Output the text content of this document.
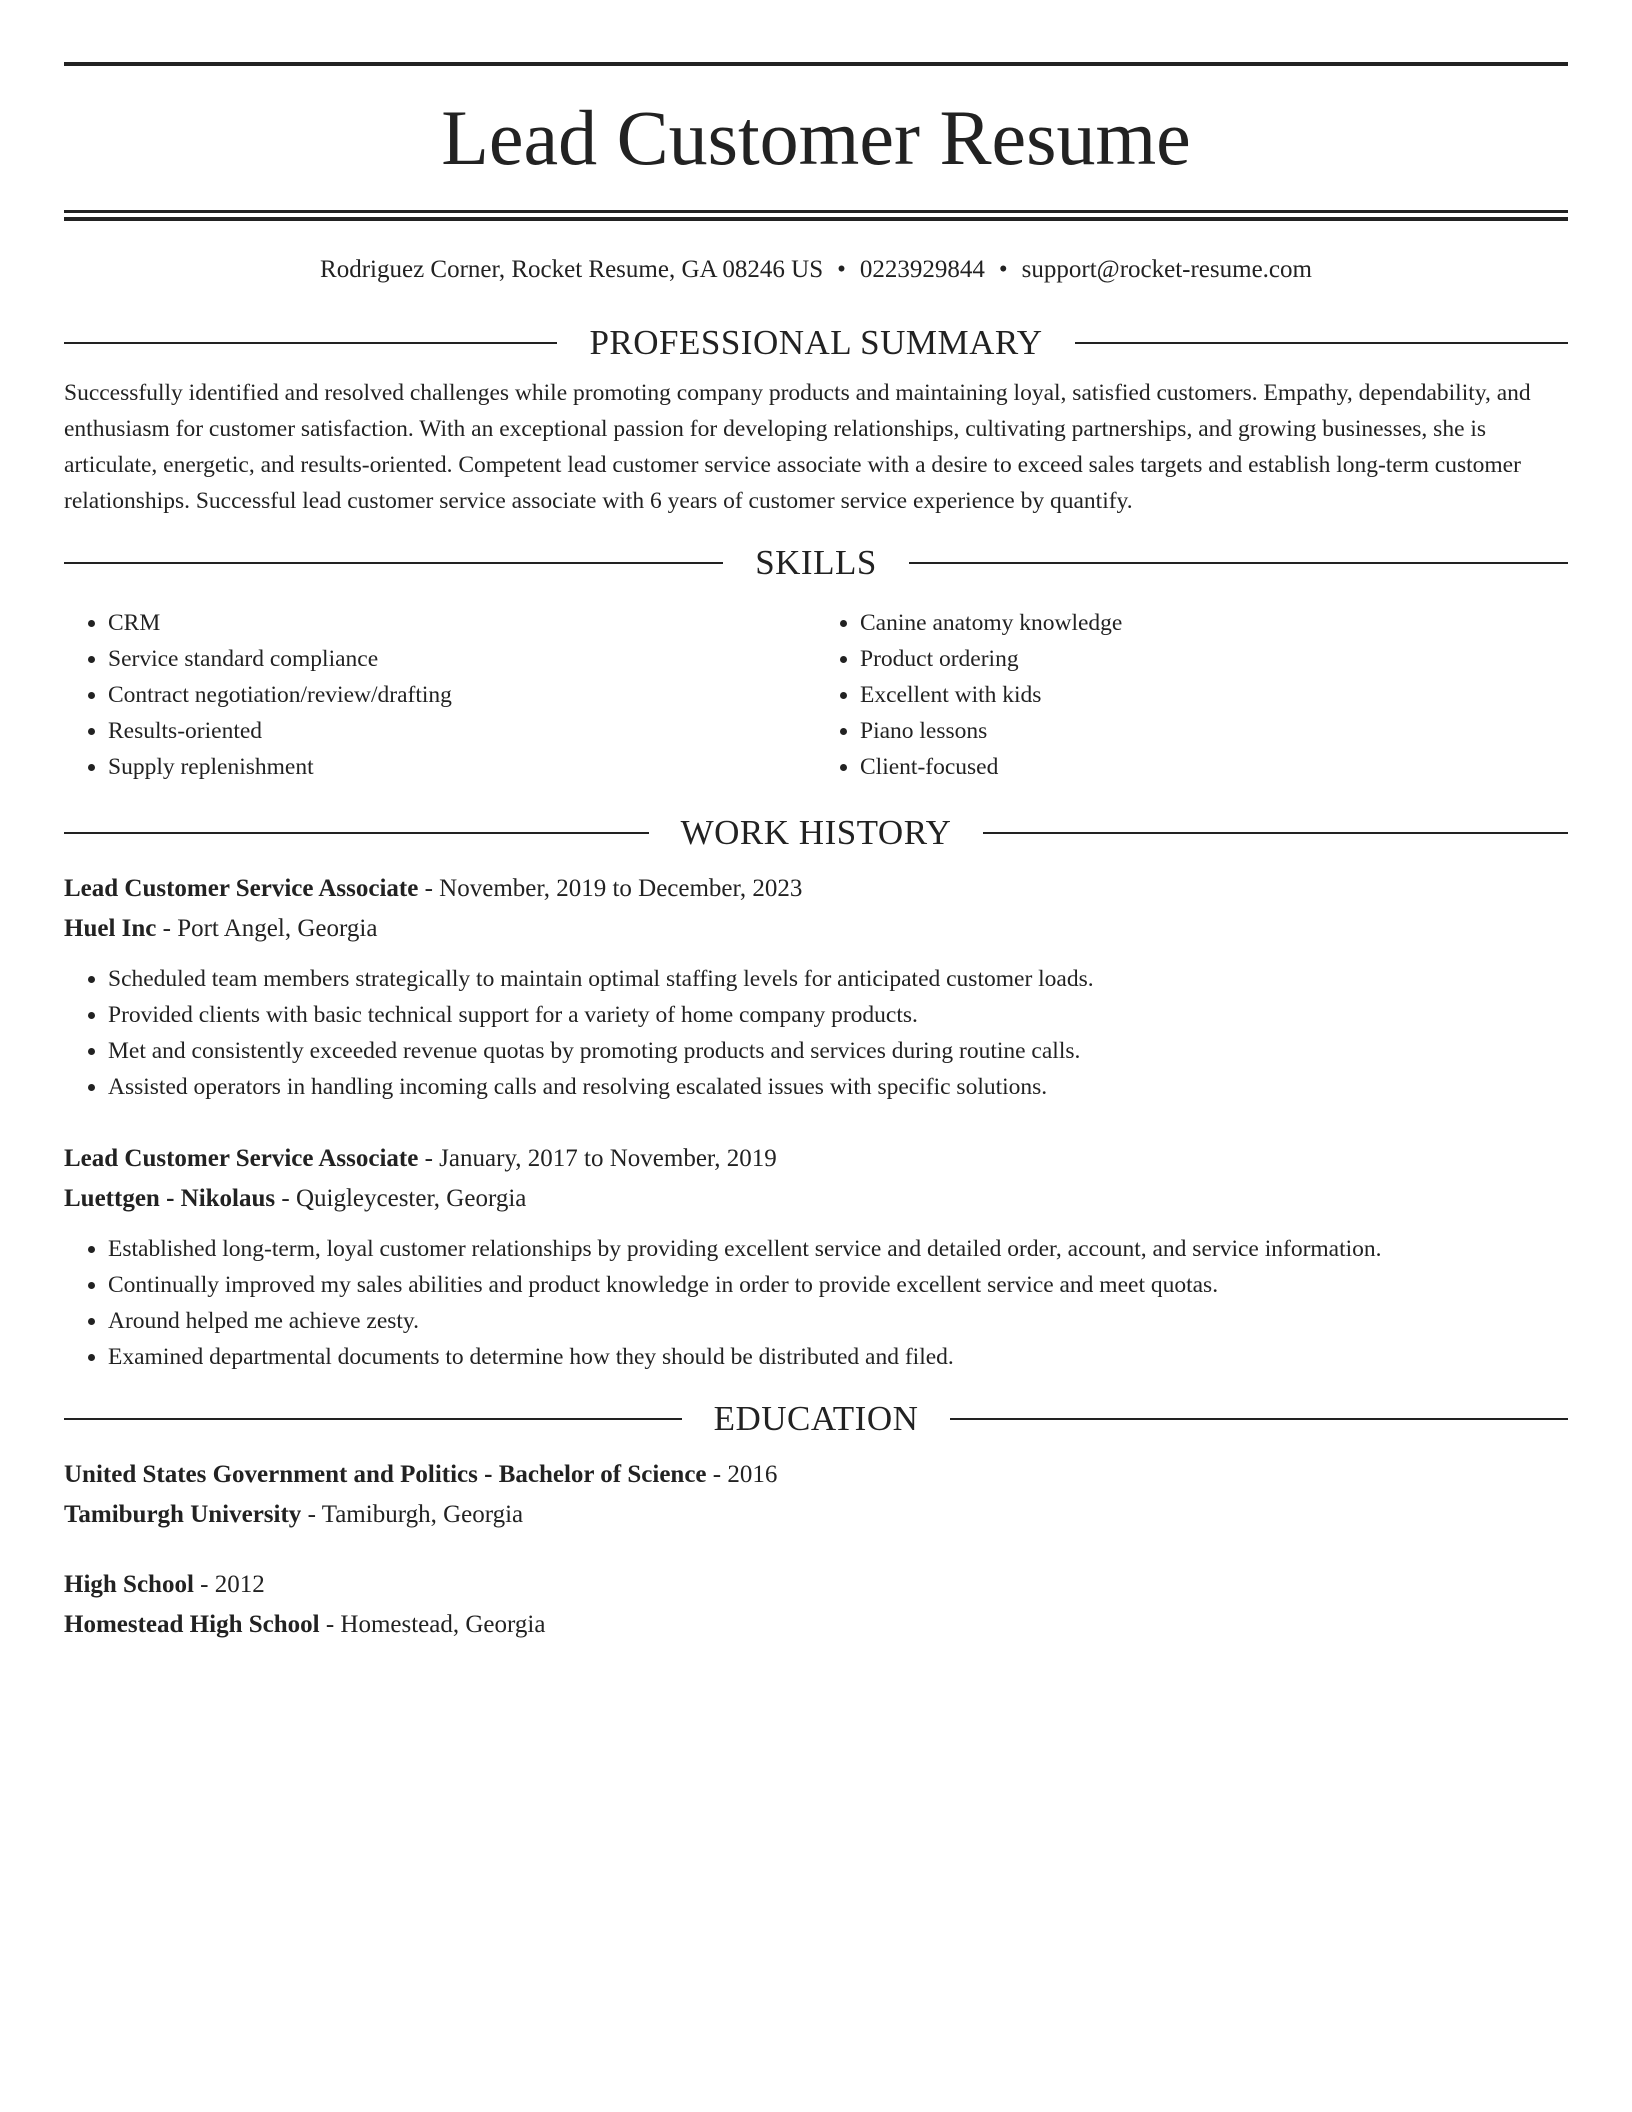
Lead Customer Resume
Rodriguez Corner, Rocket Resume, GA 08246 US • 0223929844 • support@rocket-resume.com
PROFESSIONAL SUMMARY

Successfully identified and resolved challenges while promoting company products and maintaining loyal, satisfied customers. Empathy, dependability, and enthusiasm for customer satisfaction. With an exceptional passion for developing relationships, cultivating partnerships, and growing businesses, she is articulate, energetic, and results-oriented. Competent lead customer service associate with a desire to exceed sales targets and establish long-term customer relationships. Successful lead customer service associate with 6 years of customer service experience by quantify.

SKILLS
• CRM
• Service standard compliance
• Contract negotiation/review/drafting
• Results-oriented
• Supply replenishment
• Canine anatomy knowledge
• Product ordering
• Excellent with kids
• Piano lessons
• Client-focused
WORK HISTORY
Lead Customer Service Associate - November, 2019 to December, 2023
Huel Inc - Port Angel, Georgia
• Scheduled team members strategically to maintain optimal staffing levels for anticipated customer loads.
• Provided clients with basic technical support for a variety of home company products.
• Met and consistently exceeded revenue quotas by promoting products and services during routine calls.
• Assisted operators in handling incoming calls and resolving escalated issues with specific solutions.
Lead Customer Service Associate - January, 2017 to November, 2019
Luettgen - Nikolaus - Quigleycester, Georgia
• Established long-term, loyal customer relationships by providing excellent service and detailed order, account, and service information.
• Continually improved my sales abilities and product knowledge in order to provide excellent service and meet quotas.
• Around helped me achieve zesty.
• Examined departmental documents to determine how they should be distributed and filed.
EDUCATION
United States Government and Politics - Bachelor of Science - 2016
Tamiburgh University - Tamiburgh, Georgia
High School - 2012
Homestead High School - Homestead, Georgia
